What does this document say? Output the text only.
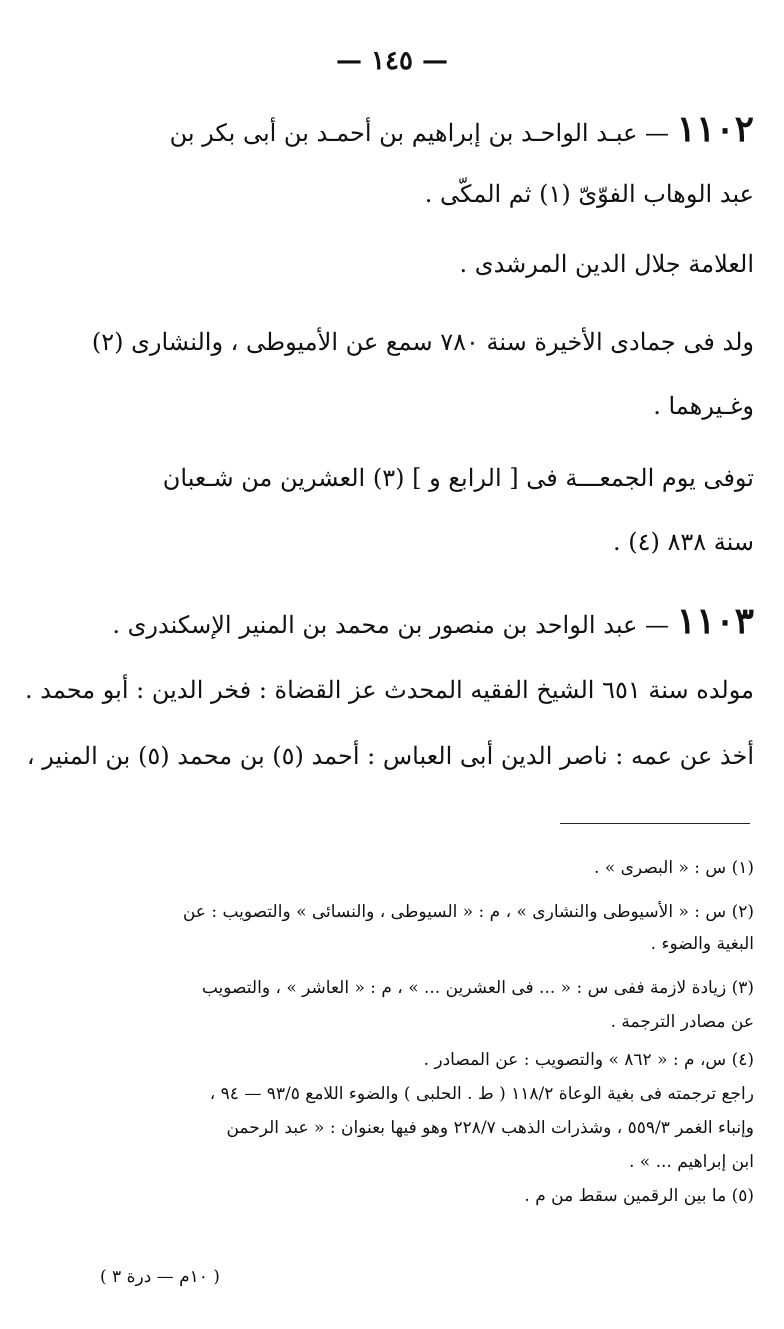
— ١٤٥ —
١١٠٢ — عبـد الواحـد بن إبراهيم بن أحمـد بن أبى بكر بن
عبد الوهاب الفوّىّ (١) ثم المكّى .
العلامة جلال الدين المرشدى .
ولد فى جمادى الأخيرة سنة ٧٨٠ سمع عن الأميوطى ، والنشارى (٢)
وغـيرهما .
توفى يوم الجمعـــة فى [ الرابع و ] (٣) العشرين من شـعبان
سنة ٨٣٨ (٤) .
١١٠٣ — عبد الواحد بن منصور بن محمد بن المنير الإسكندرى .
مولده سنة ٦٥١ الشيخ الفقيه المحدث عز القضاة : فخر الدين : أبو محمد .
أخذ عن عمه : ناصر الدين أبى العباس : أحمد (٥) بن محمد (٥) بن المنير ،
(١) س : « البصرى » .
(٢) س : « الأسيوطى والنشارى » ، م : « السيوطى ، والنسائى » والتصويب : عن
البغية والضوء .
(٣) زيادة لازمة ففى س : « ... فى العشرين ... » ، م : « العاشر » ، والتصويب
عن مصادر الترجمة .
(٤) س، م : « ٨٦٢ » والتصويب : عن المصادر .
راجع ترجمته فى بغية الوعاة ١١٨/٢ ( ط . الحلبى ) والضوء اللامع ٩٣/٥ — ٩٤ ،
وإنباء الغمر ٥٥٩/٣ ، وشذرات الذهب ٢٢٨/٧ وهو فيها بعنوان : « عبد الرحمن
ابن إبراهيم ... » .
(٥) ما بين الرقمين سقط من م .
( ١٠م — درة ٣ )
